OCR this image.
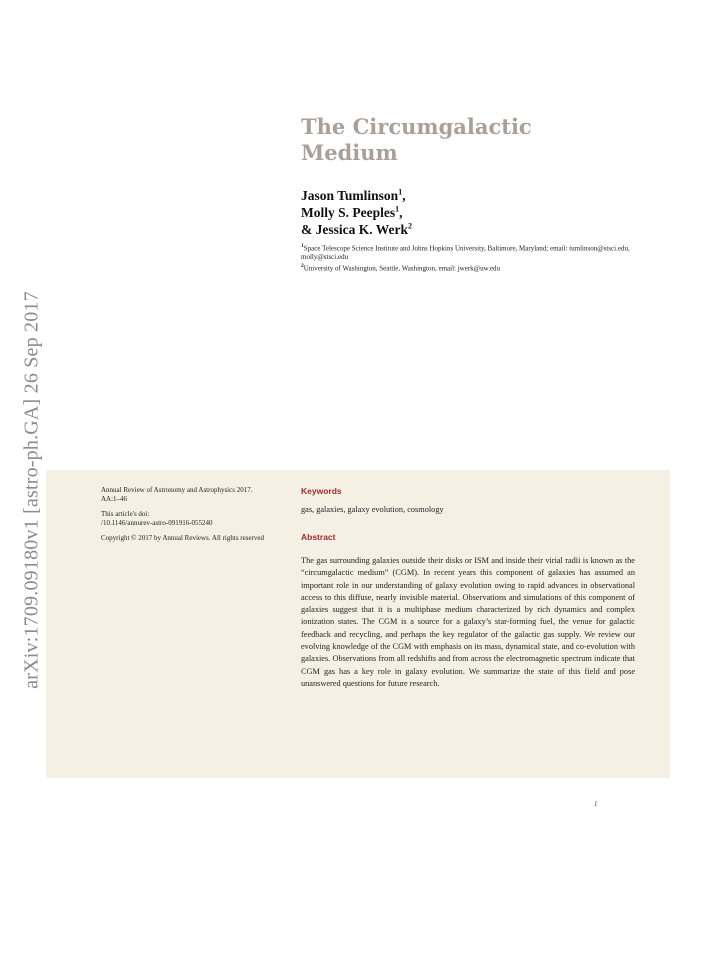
arXiv:1709.09180v1 [astro-ph.GA] 26 Sep 2017
The Circumgalactic Medium
Jason Tumlinson$^1$,
Molly S. Peeples$^1$,
& Jessica K. Werk$^2$
$^1$Space Telescope Science Institute and Johns Hopkins University, Baltimore, Maryland; email: tumlinson@stsci.edu, molly@stsci.edu
$^2$University of Washington, Seattle, Washington, email: jwerk@uw.edu

Annual Review of Astronomy and Astrophysics 2017. AA:1–46

This article's doi:
/10.1146/annurev-astro-091916-055240

Copyright © 2017 by Annual Reviews. All rights reserved

Keywords
gas, galaxies, galaxy evolution, cosmology
Abstract

The gas surrounding galaxies outside their disks or ISM and inside their virial radii is known as the “circumgalactic medium” (CGM). In recent years this component of galaxies has assumed an important role in our understanding of galaxy evolution owing to rapid advances in observational access to this diffuse, nearly invisible material. Observations and simulations of this component of galaxies suggest that it is a multiphase medium characterized by rich dynamics and complex ionization states. The CGM is a source for a galaxy’s star-forming fuel, the venue for galactic feedback and recycling, and perhaps the key regulator of the galactic gas supply. We review our evolving knowledge of the CGM with emphasis on its mass, dynamical state, and co-evolution with galaxies. Observations from all redshifts and from across the electromagnetic spectrum indicate that CGM gas has a key role in galaxy evolution. We summarize the state of this field and pose unanswered questions for future research.

1
